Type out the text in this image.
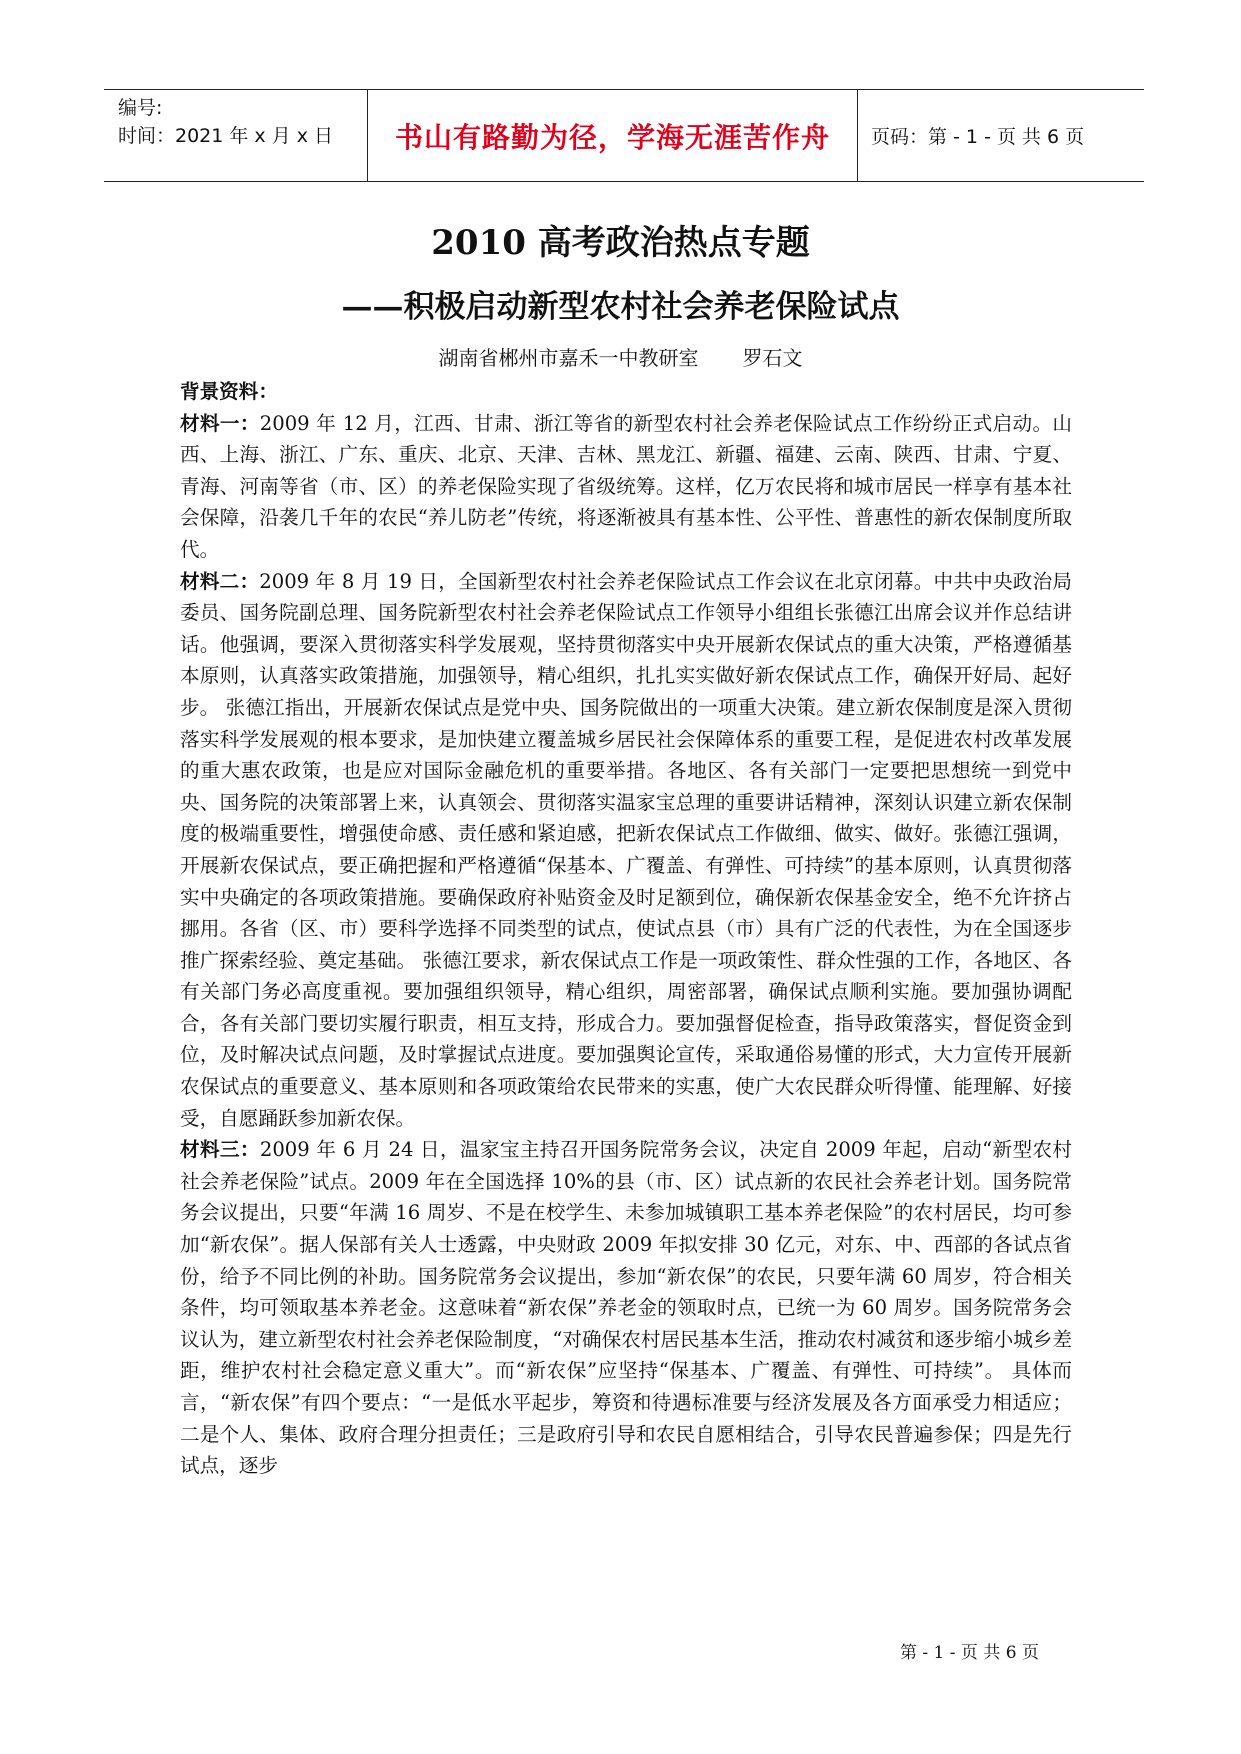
编号:
时间：2021 年 x 月 x 日	书山有路勤为径，学海无涯苦作舟 页码：第 - 1 - 页 共 6 页
2010 高考政治热点专题
——积极启动新型农村社会养老保险试点
湖南省郴州市嘉禾一中教研室 罗石文

背景资料：

材料一：2009 年 12 月，江西、甘肃、浙江等省的新型农村社会养老保险试点工作纷纷正式启动。山西、上海、浙江、广东、重庆、北京、天津、吉林、黑龙江、新疆、福建、云南、陕西、甘肃、宁夏、青海、河南等省（市、区）的养老保险实现了省级统筹。这样，亿万农民将和城市居民一样享有基本社会保障，沿袭几千年的农民“养儿防老”传统，将逐渐被具有基本性、公平性、普惠性的新农保制度所取代。

材料二：2009 年 8 月 19 日，全国新型农村社会养老保险试点工作会议在北京闭幕。中共中央政治局委员、国务院副总理、国务院新型农村社会养老保险试点工作领导小组组长张德江出席会议并作总结讲话。他强调，要深入贯彻落实科学发展观，坚持贯彻落实中央开展新农保试点的重大决策，严格遵循基本原则，认真落实政策措施，加强领导，精心组织，扎扎实实做好新农保试点工作，确保开好局、起好步。 张德江指出，开展新农保试点是党中央、国务院做出的一项重大决策。建立新农保制度是深入贯彻落实科学发展观的根本要求，是加快建立覆盖城乡居民社会保障体系的重要工程，是促进农村改革发展的重大惠农政策，也是应对国际金融危机的重要举措。各地区、各有关部门一定要把思想统一到党中央、国务院的决策部署上来，认真领会、贯彻落实温家宝总理的重要讲话精神，深刻认识建立新农保制度的极端重要性，增强使命感、责任感和紧迫感，把新农保试点工作做细、做实、做好。张德江强调，开展新农保试点，要正确把握和严格遵循“保基本、广覆盖、有弹性、可持续”的基本原则，认真贯彻落实中央确定的各项政策措施。要确保政府补贴资金及时足额到位，确保新农保基金安全，绝不允许挤占挪用。各省（区、市）要科学选择不同类型的试点，使试点县（市）具有广泛的代表性，为在全国逐步推广探索经验、奠定基础。 张德江要求，新农保试点工作是一项政策性、群众性强的工作，各地区、各有关部门务必高度重视。要加强组织领导，精心组织，周密部署，确保试点顺利实施。要加强协调配合，各有关部门要切实履行职责，相互支持，形成合力。要加强督促检查，指导政策落实，督促资金到位，及时解决试点问题，及时掌握试点进度。要加强舆论宣传，采取通俗易懂的形式，大力宣传开展新农保试点的重要意义、基本原则和各项政策给农民带来的实惠，使广大农民群众听得懂、能理解、好接受，自愿踊跃参加新农保。

材料三：2009 年 6 月 24 日，温家宝主持召开国务院常务会议，决定自 2009 年起，启动“新型农村社会养老保险”试点。2009 年在全国选择 10%的县（市、区）试点新的农民社会养老计划。国务院常务会议提出，只要“年满 16 周岁、不是在校学生、未参加城镇职工基本养老保险”的农村居民，均可参加“新农保”。据人保部有关人士透露，中央财政 2009 年拟安排 30 亿元，对东、中、西部的各试点省份，给予不同比例的补助。国务院常务会议提出，参加“新农保”的农民，只要年满 60 周岁，符合相关条件，均可领取基本养老金。这意味着“新农保”养老金的领取时点，已统一为 60 周岁。国务院常务会议认为，建立新型农村社会养老保险制度，“对确保农村居民基本生活，推动农村减贫和逐步缩小城乡差距，维护农村社会稳定意义重大”。而“新农保”应坚持“保基本、广覆盖、有弹性、可持续”。 具体而言，“新农保”有四个要点：“一是低水平起步，筹资和待遇标准要与经济发展及各方面承受力相适应；二是个人、集体、政府合理分担责任；三是政府引导和农民自愿相结合，引导农民普遍参保；四是先行试点，逐步

第 - 1 - 页 共 6 页
